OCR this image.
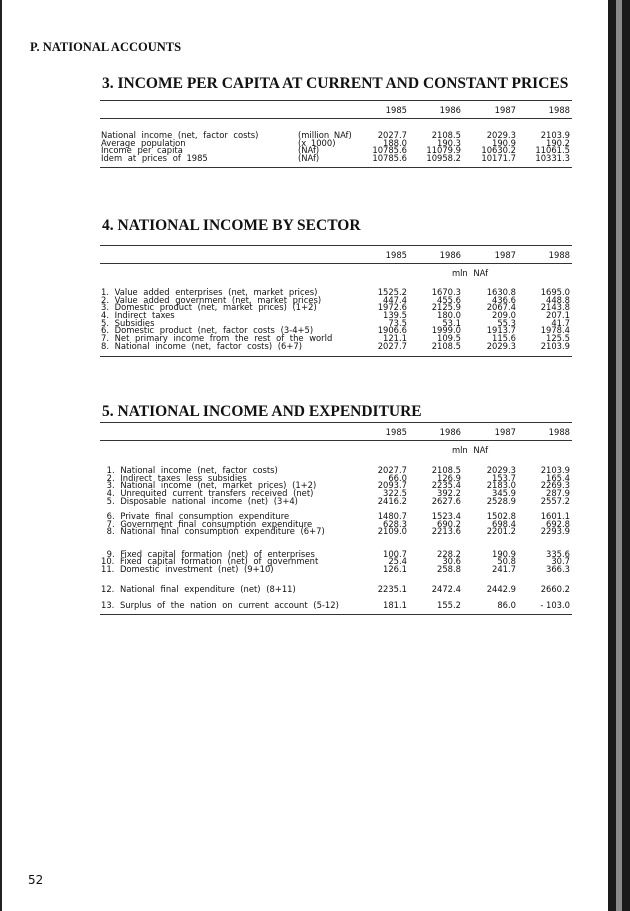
P. NATIONAL ACCOUNTS
3. INCOME PER CAPITA AT CURRENT AND CONSTANT PRICES
1985	1986	1987	1988
National income (net, factor costs)	(million NAf)	2027.7	2108.5	2029.3	2103.9
Average population	(x 1000)	188.0	190.3	190.9	190.2
Income per capita	(NAf)	10785.6	11079.9	10630.2	11061.5
Idem at prices of 1985	(NAf)	10785.6	10958.2	10171.7	10331.3
4. NATIONAL INCOME BY SECTOR
1985	1986	1987	1988
mln NAf
1. Value added enterprises (net, market prices)	1525.2	1670.3	1630.8	1695.0
2. Value added government (net, market prices)	447.4	455.6	436.6	448.8
3. Domestic product (net, market prices) (1+2)	1972.6	2125.9	2067.4	2143.8
4. Indirect taxes	139.5	180.0	209.0	207.1
5. Subsidies	73.5	53.1	55.3	41.7
6. Domestic product (net, factor costs (3-4+5)	1906.6	1999.0	1913.7	1978.4
7. Net primary income from the rest of the world	121.1	109.5	115.6	125.5
8. National income (net, factor costs) (6+7)	2027.7	2108.5	2029.3	2103.9
5. NATIONAL INCOME AND EXPENDITURE
1985	1986	1987	1988
mln NAf
1. National income (net, factor costs)	2027.7	2108.5	2029.3	2103.9
2. Indirect taxes less subsidies	66.0	126.9	153.7	165.4
3. National income (net, market prices) (1+2)	2093.7	2235.4	2183.0	2269.3
4. Unrequited current transfers received (net)	322.5	392.2	345.9	287.9
5. Disposable national income (net) (3+4)	2416.2	2627.6	2528.9	2557.2
6. Private final consumption expenditure	1480.7	1523.4	1502.8	1601.1
7. Government final consumption expenditure	628.3	690.2	698.4	692.8
8. National final consumption expenditure (6+7)	2109.0	2213.6	2201.2	2293.9
9. Fixed capital formation (net) of enterprises	100.7	228.2	190.9	335.6
10. Fixed capital formation (net) of government	25.4	30.6	50.8	30.7
11. Domestic investment (net) (9+10)	126.1	258.8	241.7	366.3
12. National final expenditure (net) (8+11)	2235.1	2472.4	2442.9	2660.2
13. Surplus of the nation on current account (5-12)	181.1	155.2	86.0	- 103.0
52
